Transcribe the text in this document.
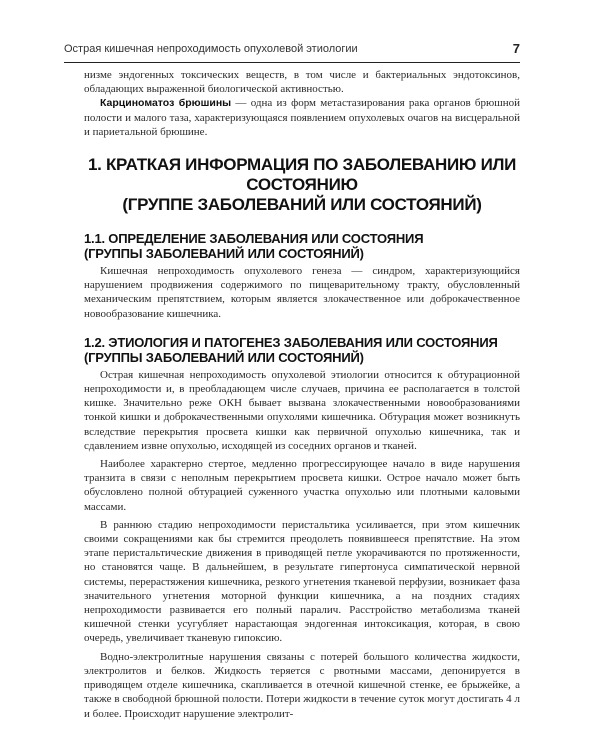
Острая кишечная непроходимость опухолевой этиологии	7

низме эндогенных токсических веществ, в том числе и бактериальных эндотоксинов, обладающих выраженной биологической активностью.

Карциноматоз брюшины — одна из форм метастазирования рака органов брюшной полости и малого таза, характеризующаяся появлением опухолевых очагов на висцеральной и париетальной брюшине.

1. КРАТКАЯ ИНФОРМАЦИЯ ПО ЗАБОЛЕВАНИЮ ИЛИ СОСТОЯНИЮ
(ГРУППЕ ЗАБОЛЕВАНИЙ ИЛИ СОСТОЯНИЙ)
1.1. ОПРЕДЕЛЕНИЕ ЗАБОЛЕВАНИЯ ИЛИ СОСТОЯНИЯ
(ГРУППЫ ЗАБОЛЕВАНИЙ ИЛИ СОСТОЯНИЙ)

Кишечная непроходимость опухолевого генеза — синдром, характеризующийся нарушением продвижения содержимого по пищеварительному тракту, обусловленный механическим препятствием, которым является злокачественное или доброкачественное новообразование кишечника.

1.2. ЭТИОЛОГИЯ И ПАТОГЕНЕЗ ЗАБОЛЕВАНИЯ ИЛИ СОСТОЯНИЯ
(ГРУППЫ ЗАБОЛЕВАНИЙ ИЛИ СОСТОЯНИЙ)

Острая кишечная непроходимость опухолевой этиологии относится к обтурационной непроходимости и, в преобладающем числе случаев, причина ее располагается в толстой кишке. Значительно реже ОКН бывает вызвана злокачественными новообразованиями тонкой кишки и доброкачественными опухолями кишечника. Обтурация может возникнуть вследствие перекрытия просвета кишки как первичной опухолью кишечника, так и сдавлением извне опухолью, исходящей из соседних органов и тканей.

Наиболее характерно стертое, медленно прогрессирующее начало в виде нарушения транзита в связи с неполным перекрытием просвета кишки. Острое начало может быть обусловлено полной обтурацией суженного участка опухолью или плотными каловыми массами.

В раннюю стадию непроходимости перистальтика усиливается, при этом кишечник своими сокращениями как бы стремится преодолеть появившееся препятствие. На этом этапе перистальтические движения в приводящей петле укорачиваются по протяженности, но становятся чаще. В дальнейшем, в результате гипертонуса симпатической нервной системы, перерастяжения кишечника, резкого угнетения тканевой перфузии, возникает фаза значительного угнетения моторной функции кишечника, а на поздних стадиях непроходимости развивается его полный паралич. Расстройство метаболизма тканей кишечной стенки усугубляет нарастающая эндогенная интоксикация, которая, в свою очередь, увеличивает тканевую гипоксию.

Водно-электролитные нарушения связаны с потерей большого количества жидкости, электролитов и белков. Жидкость теряется с рвотными массами, депонируется в приводящем отделе кишечника, скапливается в отечной кишечной стенке, ее брыжейке, а также в свободной брюшной полости. Потери жидкости в течение суток могут достигать 4 л и более. Происходит нарушение электролит-
